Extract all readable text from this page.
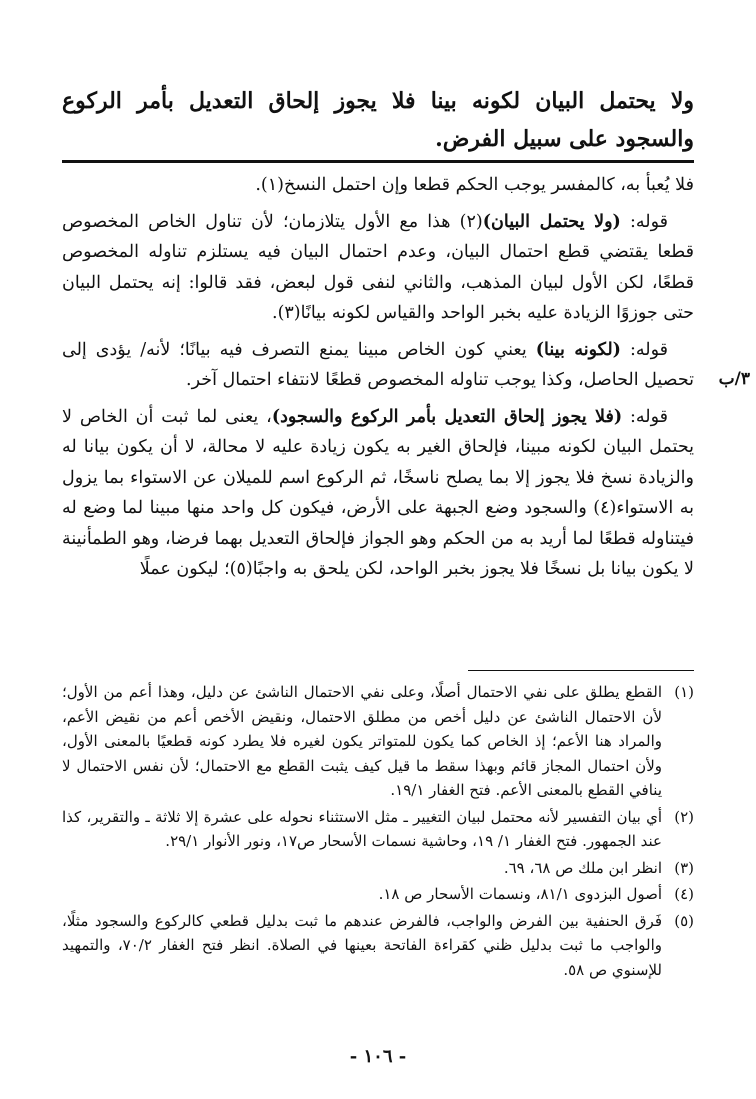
ولا يحتمل البيان لكونه بينا فلا يجوز إلحاق التعديل بأمر الركوع والسجود على سبيل الفرض.
٣/ب

فلا يُعبأ به، كالمفسر يوجب الحكم قطعا وإن احتمل النسخ(١).

قوله: (ولا يحتمل البيان)(٢) هذا مع الأول يتلازمان؛ لأن تناول الخاص المخصوص قطعا يقتضي قطع احتمال البيان، وعدم احتمال البيان فيه يستلزم تناوله المخصوص قطعًا، لكن الأول لبيان المذهب، والثاني لنفى قول لبعض، فقد قالوا: إنه يحتمل البيان حتى جوزوًا الزيادة عليه بخبر الواحد والقياس لكونه بيانًا(٣).

قوله: (لكونه بينا) يعني كون الخاص مبينا يمنع التصرف فيه بيانًا؛ لأنه/ يؤدى إلى تحصيل الحاصل، وكذا يوجب تناوله المخصوص قطعًا لانتفاء احتمال آخر.

قوله: (فلا يجوز إلحاق التعديل بأمر الركوع والسجود)، يعنى لما ثبت أن الخاص لا يحتمل البيان لكونه مبينا، فإلحاق الغير به يكون زيادة عليه لا محالة، لا أن يكون بيانا له والزيادة نسخ فلا يجوز إلا بما يصلح ناسخًا، ثم الركوع اسم للميلان عن الاستواء بما يزول به الاستواء(٤) والسجود وضع الجبهة على الأرض، فيكون كل واحد منها مبينا لما وضع له فيتناوله قطعًا لما أريد به من الحكم وهو الجواز فإلحاق التعديل بهما فرضا، وهو الطمأنينة لا يكون بيانا بل نسخًا فلا يجوز بخبر الواحد، لكن يلحق به واجبًا(٥)؛ ليكون عملًا

(١)
القطع يطلق على نفي الاحتمال أصلًا، وعلى نفي الاحتمال الناشئ عن دليل، وهذا أعم من الأول؛ لأن الاحتمال الناشئ عن دليل أخص من مطلق الاحتمال، ونقيض الأخص أعم من نقيض الأعم، والمراد هنا الأعم؛ إذ الخاص كما يكون للمتواتر يكون لغيره فلا يطرد كونه قطعيًا بالمعنى الأول، ولأن احتمال المجاز قائم وبهذا سقط ما قيل كيف يثبت القطع مع الاحتمال؛ لأن نفس الاحتمال لا ينافي القطع بالمعنى الأعم. فتح الغفار ١٩/١.
(٢)
أي بيان التفسير لأنه محتمل لبيان التغيير ـ مثل الاستثناء نحوله على عشرة إلا ثلاثة ـ والتقرير، كذا عند الجمهور. فتح الغفار ١/ ١٩، وحاشية نسمات الأسحار ص١٧، ونور الأنوار ٢٩/١.
(٣)
انظر ابن ملك ص ٦٨، ٦٩.
(٤)
أصول البزدوى ٨١/١، ونسمات الأسحار ص ١٨.
(٥)
فَرق الحنفية بين الفرض والواجب، فالفرض عندهم ما ثبت بدليل قطعي كالركوع والسجود مثلًا، والواجب ما ثبت بدليل ظني كقراءة الفاتحة بعينها في الصلاة. انظر فتح الغفار ٧٠/٢، والتمهيد للإسنوي ص ٥٨.
- ١٠٦ -
